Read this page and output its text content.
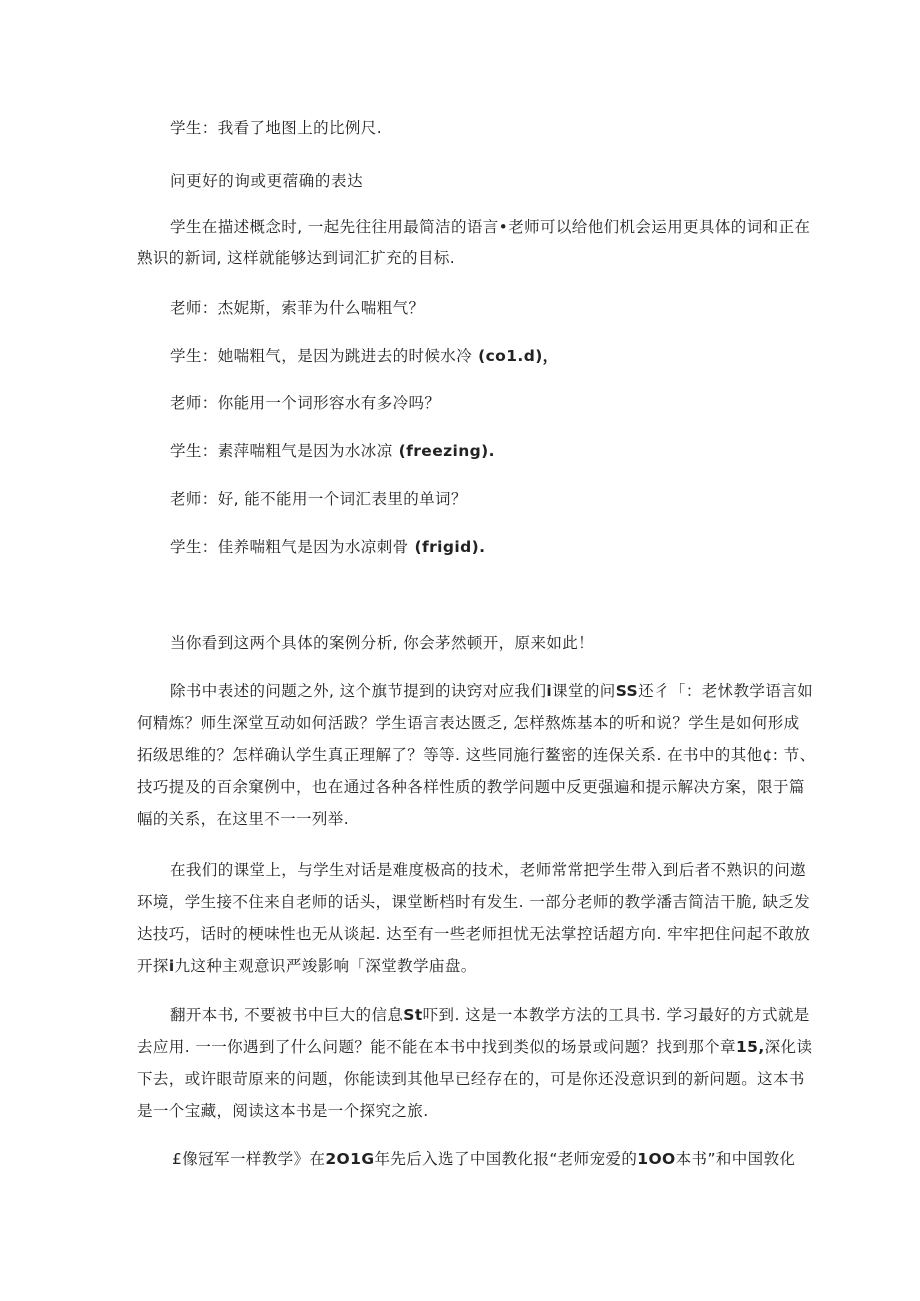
学生：我看了地图上的比例尺.
问更好的询或更蓿确的表达
学生在描述概念时, 一起先往往用最简洁的语言•老师可以给他们机会运用更具体的词和正在
熟识的新词, 这样就能够达到词汇扩充的目标.
老师：杰妮斯，索菲为什么喘粗气？
学生：她喘粗气，是因为跳进去的时候水冷 (co1.d)，
老师：你能用一个词形容水有多冷吗？
学生：素萍喘粗气是因为水冰凉 (freezing).
老师：好, 能不能用一个词汇表里的单词？
学生：佳养喘粗气是因为水凉刺骨 (frigid).
当你看到这两个具体的案例分析, 你会茅然顿开，原来如此！
除书中表述的问题之外, 这个旗节提到的诀窍对应我们i课堂的问SS还彳「：老怵教学语言如
何精炼？师生深堂互动如何活跋？学生语言表达匮乏, 怎样熬炼基本的听和说？学生是如何形成
拓级思维的？怎样确认学生真正理解了？等等. 这些同施行鳌密的连保关系. 在书中的其他¢: 节、
技巧提及的百余窠例中，也在通过各种各样性质的教学问题中反更强遍和提示解决方案，限于篇
幅的关系，在这里不一一列举.
在我们的课堂上，与学生对话是难度极高的技术，老师常常把学生带入到后者不熟识的问遨
环境，学生接不住来自老师的话头，课堂断档时有发生. 一部分老师的教学潘吉简洁干脆, 缺乏发
达技巧，话时的梗味性也无从谈起. 达至有一些老师担忧无法掌控话超方向. 牢牢把住问起不敢放
开探i九这种主观意识严竣影响「深堂教学庙盘。
翻开本书, 不要被书中巨大的信息St吓到. 这是一本教学方法的工具书. 学习最好的方式就是
去应用. 一一你遇到了什么问题？能不能在本书中找到类似的场景或问题？找到那个章15,深化读
下去，或许眼苛原来的问题，你能读到其他早已经存在的，可是你还没意识到的新问题。这本书
是一个宝藏，阅读这本书是一个探究之旅.
£像冠军一样教学》在2O1G年先后入选了中国教化报“老师宠爱的1OO本书”和中国敦化
